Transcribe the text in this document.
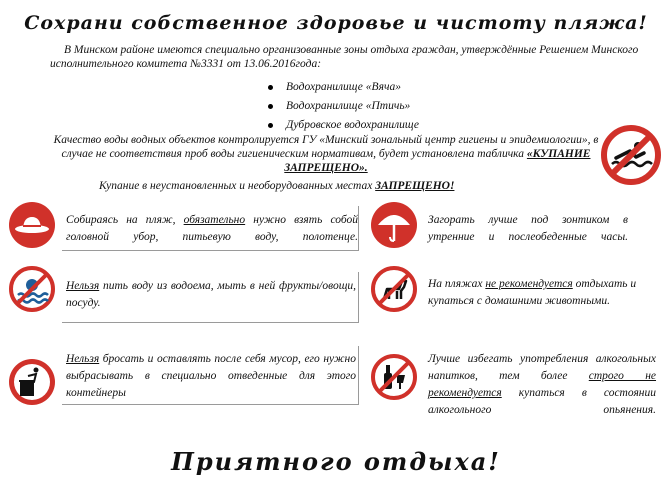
Сохрани собственное здоровье и чистоту пляжа!
В Минском районе имеются специально организованные зоны отдыха граждан, утверждённые Решением Минского исполнительного комитета №3331 от 13.06.2016года:
Водохранилище «Вяча»
Водохранилище «Птичь»
Дубровское водохранилище
Качество воды водных объектов контролируется ГУ «Минский зональный центр гигиены и эпидемиологии», в случае не соответствия проб воды гигиеническим нормативам, будет установлена табличка «КУПАНИЕ ЗАПРЕЩЕНО».
Купание в неустановленных и необорудованных местах ЗАПРЕЩЕНО!
Собираясь на пляж, обязательно нужно взять собой головной убор, питьевую воду, полотенце.
Загорать лучше под зонтиком в утренние и послеобеденные часы.
Нельзя пить воду из водоема, мыть в ней фрукты/овощи, посуду.
На пляжах не рекомендуется отдыхать и купаться с домашними животными.
Нельзя бросать и оставлять после себя мусор, его нужно выбрасывать в специально отведенные для этого контейнеры
Лучше избегать употребления алкогольных напитков, тем более строго не рекомендуется купаться в состоянии алкогольного опьянения.
Приятного отдыха!
